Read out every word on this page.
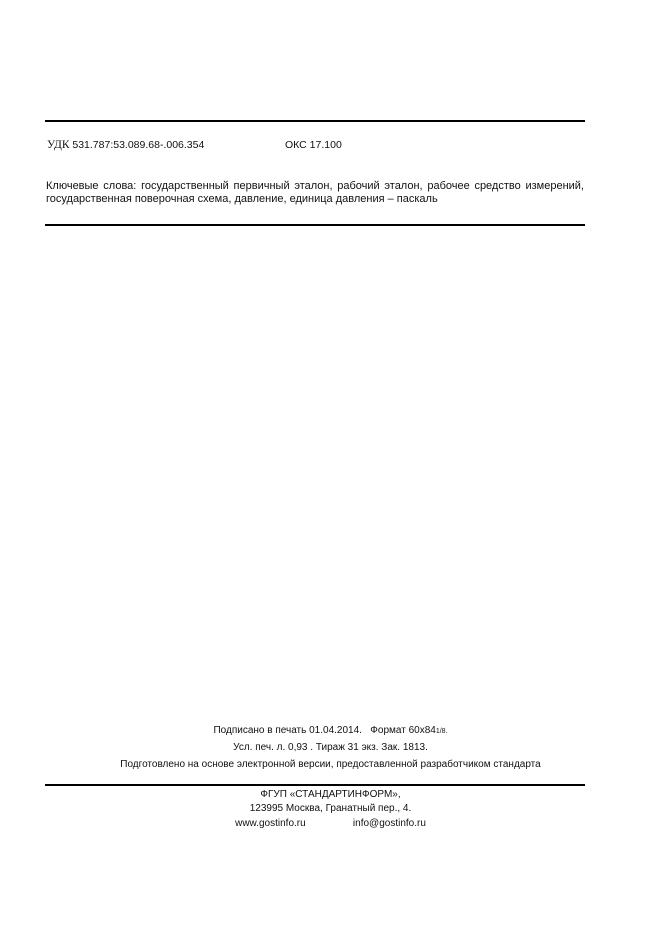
УДК 531.787:53.089.68-.006.354	ОКС 17.100

Ключевые слова: государственный первичный эталон, рабочий эталон, рабочее средство измерений,

государственная поверочная схема, давление, единица давления – паскаль

Подписано в печать 01.04.2014. Формат 60х841/8.
Усл. печ. л. 0,93 . Тираж 31 экз. Зак. 1813.
Подготовлено на основе электронной версии, предоставленной разработчиком стандарта
ФГУП «СТАНДАРТИНФОРМ»,
123995 Москва, Гранатный пер., 4.
www.gostinfo.ru	info@gostinfo.ru
